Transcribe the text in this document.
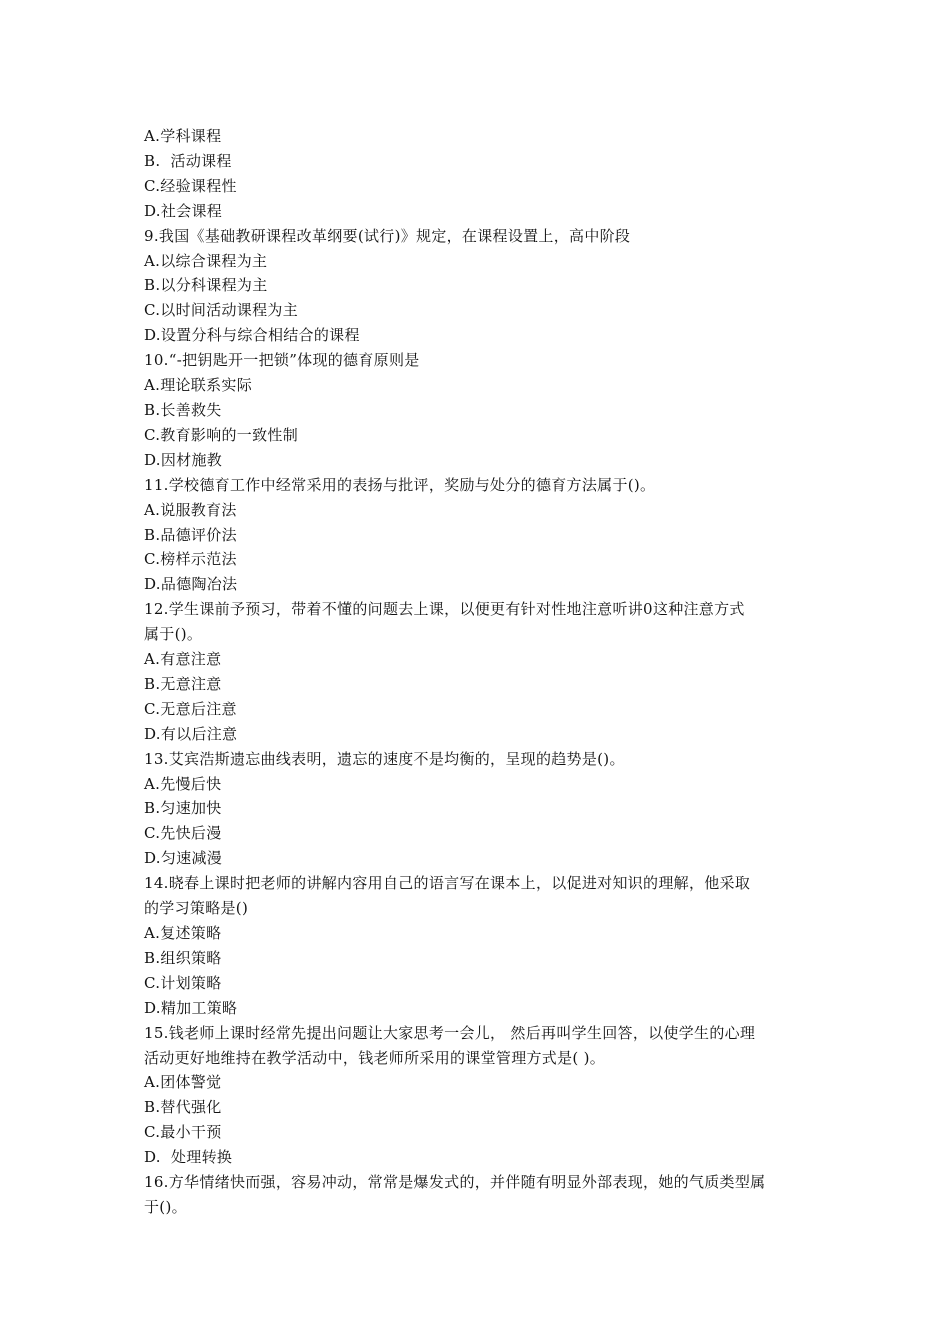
A.学科课程
B.  活动课程
C.经验课程性
D.社会课程
9.我国《基础教研课程改革纲要(试行)》规定，在课程设置上，高中阶段
A.以综合课程为主
B.以分科课程为主
C.以时间活动课程为主
D.设置分科与综合相结合的课程
10.“-把钥匙开一把锁”体现的德育原则是
A.理论联系实际
B.长善救失
C.教育影响的一致性制
D.因材施教
11.学校德育工作中经常采用的表扬与批评，奖励与处分的德育方法属于()。
A.说服教育法
B.品德评价法
C.榜样示范法
D.品德陶冶法
12.学生课前予预习，带着不懂的问题去上课，以便更有针对性地注意听讲0这种注意方式
属于()。
A.有意注意
B.无意注意
C.无意后注意
D.有以后注意
13.艾宾浩斯遗忘曲线表明，遗忘的速度不是均衡的，呈现的趋势是()。
A.先慢后快
B.匀速加快
C.先快后漫
D.匀速减漫
14.晓春上课时把老师的讲解内容用自己的语言写在课本上，以促进对知识的理解，他采取
的学习策略是()
A.复述策略
B.组织策略
C.计划策略
D.精加工策略
15.钱老师上课时经常先提出问题让大家思考一会儿， 然后再叫学生回答，以使学生的心理
活动更好地维持在教学活动中，钱老师所采用的课堂管理方式是( )。
A.团体警觉
B.替代强化
C.最小干预
D.  处理转换
16.方华情绪快而强，容易冲动，常常是爆发式的，并伴随有明显外部表现，她的气质类型属
于()。
